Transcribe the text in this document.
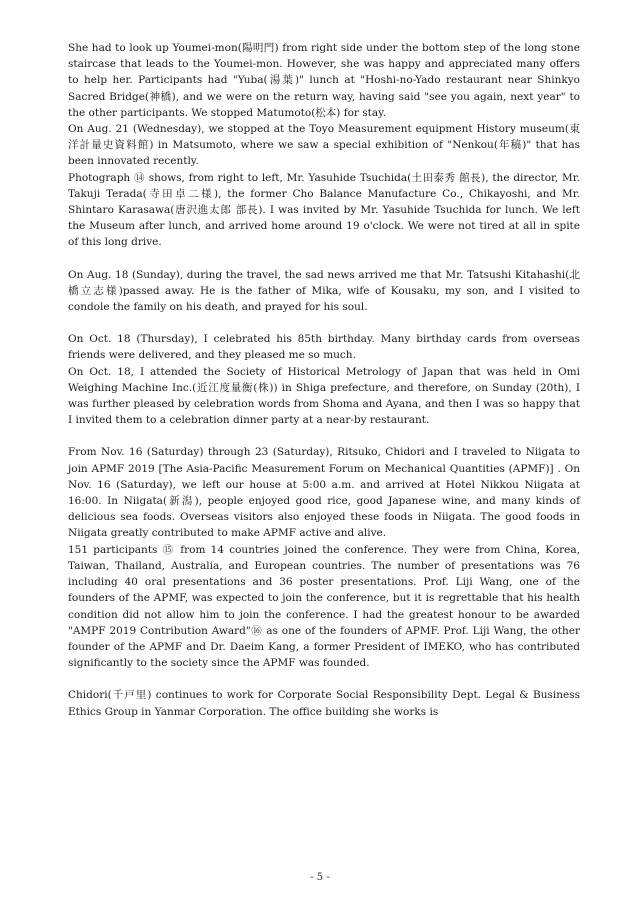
She had to look up Youmei-mon(陽明門) from right side under the bottom step of the long stone staircase that leads to the Youmei-mon. However, she was happy and appreciated many offers to help her. Participants had "Yuba(湯葉)" lunch at "Hoshi-no-Yado restaurant near Shinkyo Sacred Bridge(神橋), and we were on the return way, having said "see you again, next year" to the other participants. We stopped Matumoto(松本) for stay.

On Aug. 21 (Wednesday), we stopped at the Toyo Measurement equipment History museum(東洋計量史資料館) in Matsumoto, where we saw a special exhibition of "Nenkou(年稿)" that has been innovated recently.

Photograph ⑭ shows, from right to left, Mr. Yasuhide Tsuchida(土田泰秀 館長), the director, Mr. Takuji Terada(寺田卓二様), the former Cho Balance Manufacture Co., Chikayoshi, and Mr. Shintaro Karasawa(唐沢進太郎 部長). I was invited by Mr. Yasuhide Tsuchida for lunch. We left the Museum after lunch, and arrived home around 19 o'clock. We were not tired at all in spite of this long drive.

On Aug. 18 (Sunday), during the travel, the sad news arrived me that Mr. Tatsushi Kitahashi(北橋立志様)passed away. He is the father of Mika, wife of Kousaku, my son, and I visited to condole the family on his death, and prayed for his soul.

On Oct. 18 (Thursday), I celebrated his 85th birthday. Many birthday cards from overseas friends were delivered, and they pleased me so much.

On Oct. 18, I attended the Society of Historical Metrology of Japan that was held in Omi Weighing Machine Inc.(近江度量衡(株)) in Shiga prefecture, and therefore, on Sunday (20th), I was further pleased by celebration words from Shoma and Ayana, and then I was so happy that I invited them to a celebration dinner party at a near-by restaurant.

From Nov. 16 (Saturday) through 23 (Saturday), Ritsuko, Chidori and I traveled to Niigata to join APMF 2019 [The Asia-Pacific Measurement Forum on Mechanical Quantities (APMF)] . On Nov. 16 (Saturday), we left our house at 5:00 a.m. and arrived at Hotel Nikkou Niigata at 16:00. In Niigata(新潟), people enjoyed good rice, good Japanese wine, and many kinds of delicious sea foods. Overseas visitors also enjoyed these foods in Niigata. The good foods in Niigata greatly contributed to make APMF active and alive.

151 participants ⑮ from 14 countries joined the conference. They were from China, Korea, Taiwan, Thailand, Australia, and European countries. The number of presentations was 76 including 40 oral presentations and 36 poster presentations. Prof. Liji Wang, one of the founders of the APMF, was expected to join the conference, but it is regrettable that his health condition did not allow him to join the conference. I had the greatest honour to be awarded "AMPF 2019 Contribution Award"⑯ as one of the founders of APMF. Prof. Liji Wang, the other founder of the APMF and Dr. Daeim Kang, a former President of IMEKO, who has contributed significantly to the society since the APMF was founded.

Chidori(千戸里) continues to work for Corporate Social Responsibility Dept. Legal & Business Ethics Group in Yanmar Corporation. The office building she works is

- 5 -
